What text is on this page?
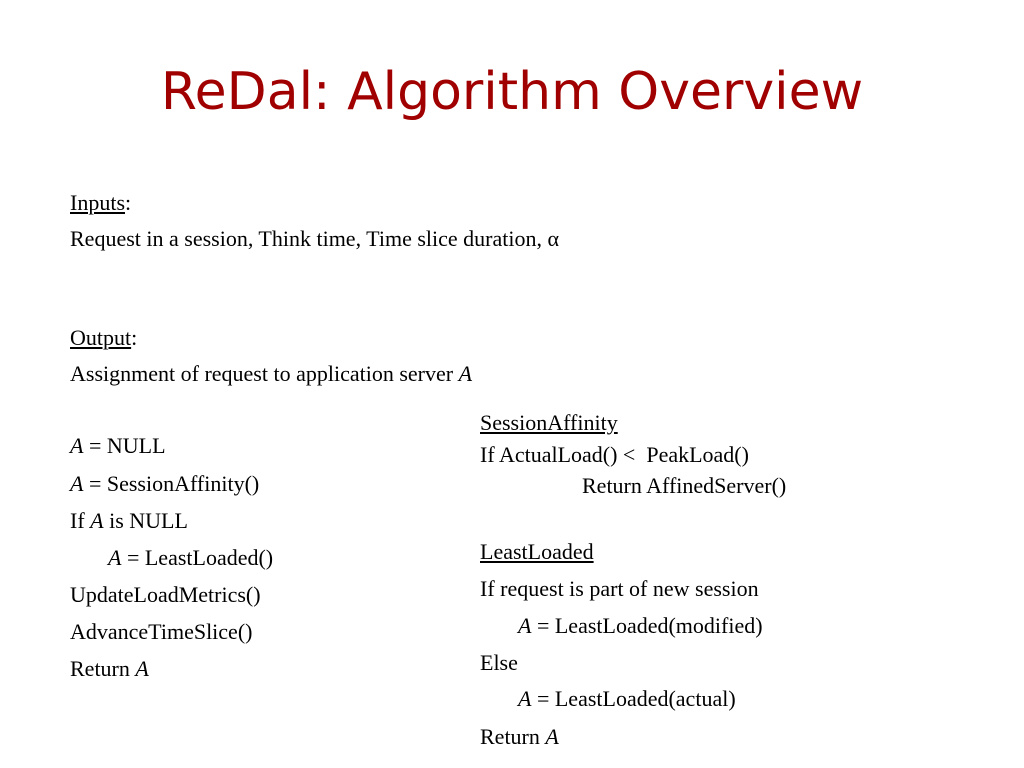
ReDal: Algorithm Overview
Inputs:
Request in a session, Think time, Time slice duration, α
Output:
Assignment of request to application server A
A = NULL
A = SessionAffinity()
If A is NULL
A = LeastLoaded()
UpdateLoadMetrics()
AdvanceTimeSlice()
Return A
SessionAffinity
If ActualLoad() <  PeakLoad()
Return AffinedServer()
LeastLoaded
If request is part of new session
A = LeastLoaded(modified)
Else
A = LeastLoaded(actual)
Return A
